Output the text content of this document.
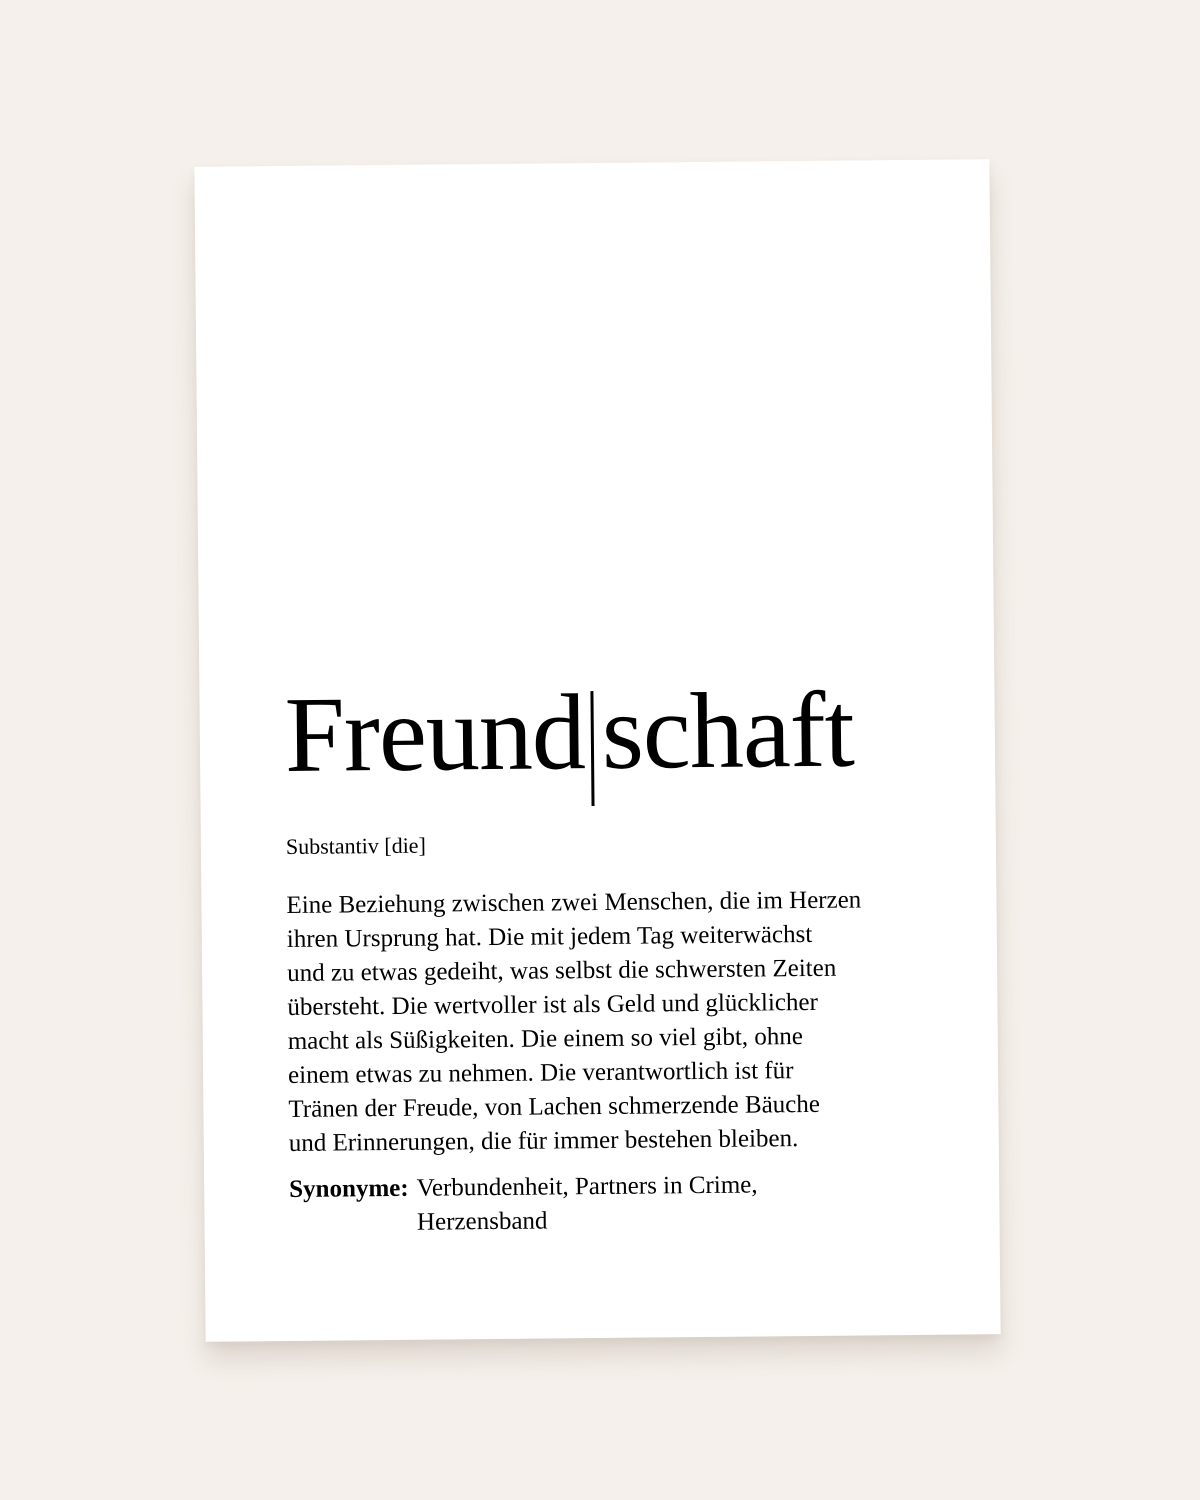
Freund schaft
Substantiv [die]
Eine Beziehung zwischen zwei Menschen, die im Herzen
ihren Ursprung hat. Die mit jedem Tag weiterwächst
und zu etwas gedeiht, was selbst die schwersten Zeiten
übersteht. Die wertvoller ist als Geld und glücklicher
macht als Süßigkeiten. Die einem so viel gibt, ohne
einem etwas zu nehmen. Die verantwortlich ist für
Tränen der Freude, von Lachen schmerzende Bäuche
und Erinnerungen, die für immer bestehen bleiben.
Synonyme: Verbundenheit, Partners in Crime,
Herzensband
